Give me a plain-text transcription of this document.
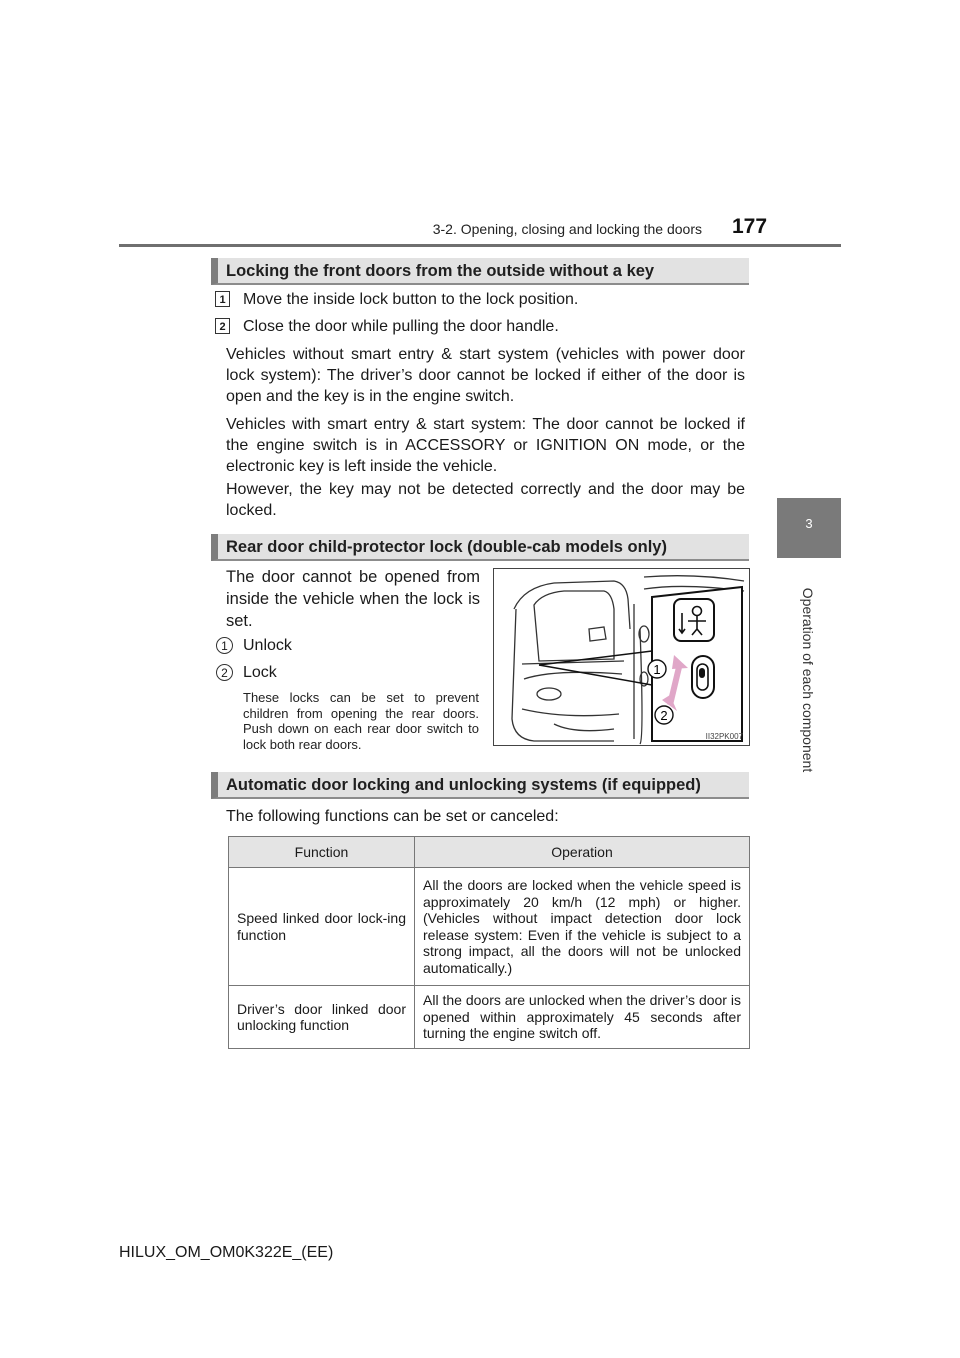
3-2. Opening, closing and locking the doors 177
3
Operation of each component
Locking the front doors from the outside without a key
1 Move the inside lock button to the lock position.
2 Close the door while pulling the door handle.
Vehicles without smart entry & start system (vehicles with power door lock system): The driver’s door cannot be locked if either of the door is open and the key is in the engine switch.
Vehicles with smart entry & start system: The door cannot be locked if the engine switch is in ACCESSORY or IGNITION ON mode, or the electronic key is left inside the vehicle.
However, the key may not be detected correctly and the door may be locked.
Rear door child-protector lock (double-cab models only)
The door cannot be opened from inside the vehicle when the lock is set.
1 Unlock
2 Lock
These locks can be set to prevent children from opening the rear doors. Push down on each rear door switch to lock both rear doors.
1
2
II32PK007
Automatic door locking and unlocking systems (if equipped)
The following functions can be set or canceled:
Function	Operation
Speed linked door lock-ing function	All the doors are locked when the vehicle speed is approximately 20 km/h (12 mph) or higher. (Vehicles without impact detection door lock release system: Even if the vehicle is subject to a strong impact, all the doors will not be unlocked automatically.)
Driver’s door linked door unlocking function	All the doors are unlocked when the driver’s door is opened within approximately 45 seconds after turning the engine switch off.
HILUX_OM_OM0K322E_(EE)
